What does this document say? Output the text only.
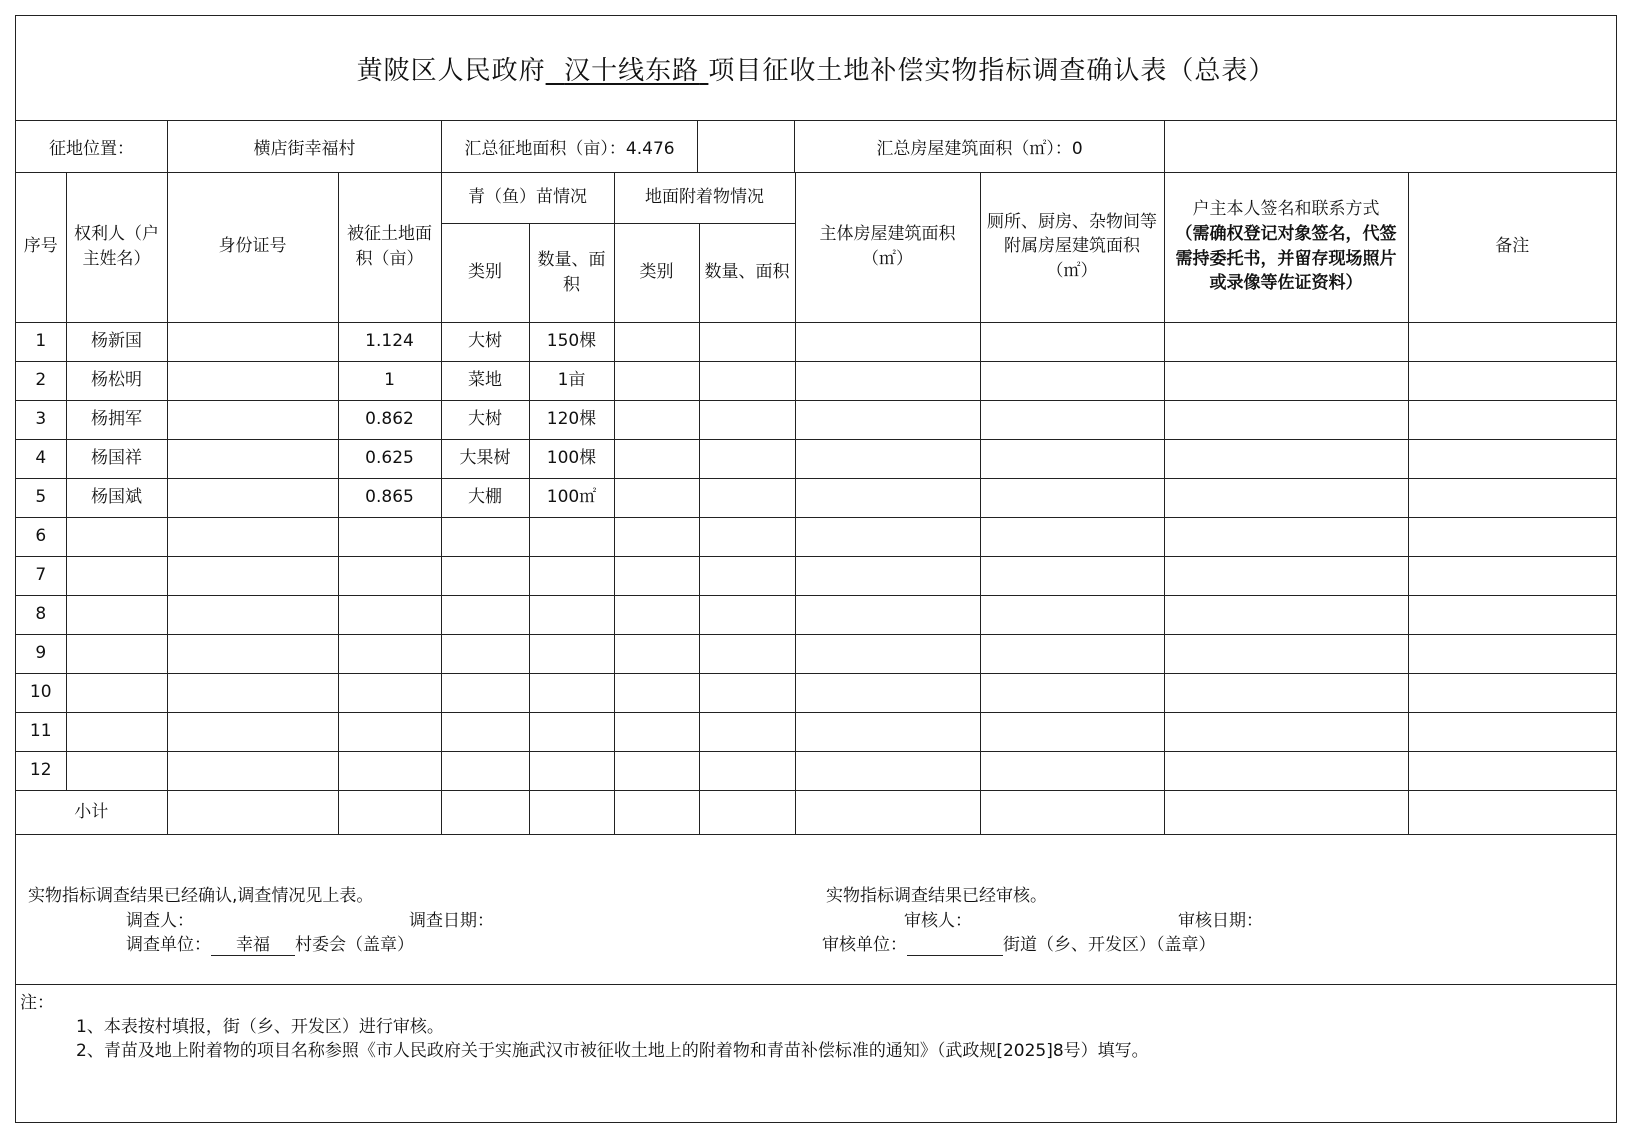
黄陂区人民政府 汉十线东路 项目征收土地补偿实物指标调查确认表（总表）
征地位置：	横店街幸福村	汇总征地面积（亩）：4.476	汇总房屋建筑面积（㎡）：0
序号	权利人（户主姓名）	身份证号	被征土地面积（亩）	青（鱼）苗情况		地面附着物情况		主体房屋建筑面积（㎡）	厕所、厨房、杂物间等附属房屋建筑面积（㎡）	户主本人签名和联系方式
（需确权登记对象签名，代签需持委托书，并留存现场照片或录像等佐证资料）	备注
				类别	数量、面积	类别	数量、面积				
1	杨新国		1.124	大树	150棵						
2	杨松明		1	菜地	1亩						
3	杨拥军		0.862	大树	120棵						
4	杨国祥		0.625	大果树	100棵						
5	杨国斌		0.865	大棚	100㎡						
6											
7											
8											
9											
10											
11											
12											
小计											
实物指标调查结果已经确认,调查情况见上表。
调查人：	调查日期：
调查单位： 幸福 村委会（盖章）
实物指标调查结果已经审核。
审核人：	审核日期：
审核单位：	街道（乡、开发区）（盖章）
注：
1、本表按村填报，街（乡、开发区）进行审核。
2、青苗及地上附着物的项目名称参照《市人民政府关于实施武汉市被征收土地上的附着物和青苗补偿标准的通知》（武政规[2025]8号）填写。
